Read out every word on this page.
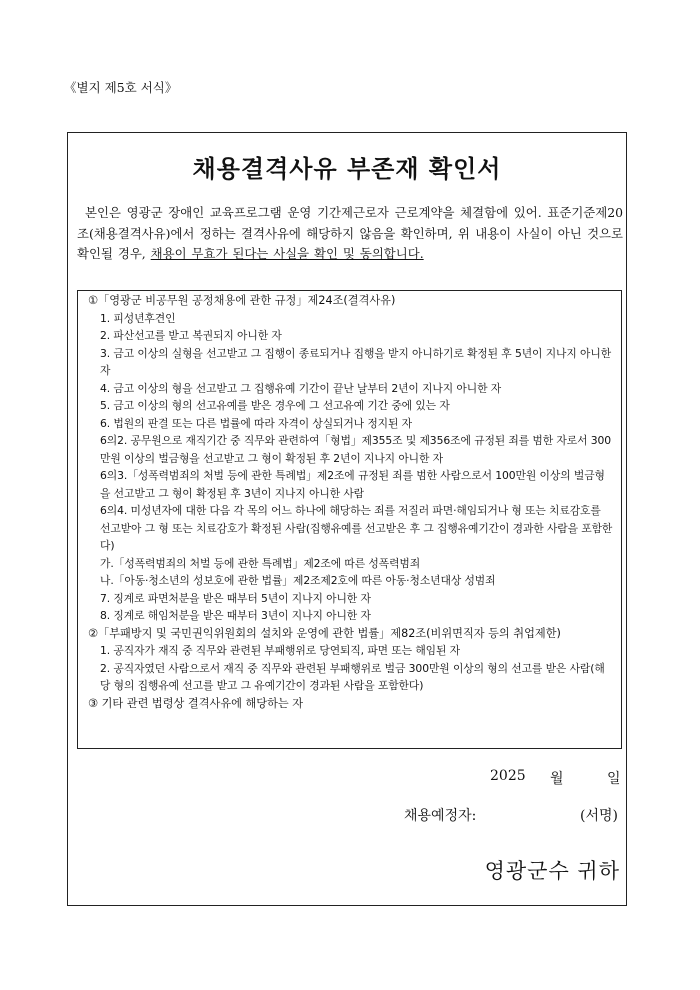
《별지 제5호 서식》
채용결격사유 부존재 확인서
본인은 영광군 장애인 교육프로그램 운영 기간제근로자 근로계약을 체결함에 있어. 표준기준제20조(채용결격사유)에서 정하는 결격사유에 해당하지 않음을 확인하며, 위 내용이 사실이 아닌 것으로 확인될 경우, 채용이 무효가 된다는 사실을 확인 및 동의합니다.
①「영광군 비공무원 공정채용에 관한 규정」제24조(결격사유)
1. 피성년후견인
2. 파산선고를 받고 복권되지 아니한 자
3. 금고 이상의 실형을 선고받고 그 집행이 종료되거나 집행을 받지 아니하기로 확정된 후 5년이 지나지 아니한 자
4. 금고 이상의 형을 선고받고 그 집행유예 기간이 끝난 날부터 2년이 지나지 아니한 자
5. 금고 이상의 형의 선고유예를 받은 경우에 그 선고유예 기간 중에 있는 자
6. 법원의 판결 또는 다른 법률에 따라 자격이 상실되거나 정지된 자
6의2. 공무원으로 재직기간 중 직무와 관련하여「형법」제355조 및 제356조에 규정된 죄를 범한 자로서 300만원 이상의 벌금형을 선고받고 그 형이 확정된 후 2년이 지나지 아니한 자
6의3.「성폭력범죄의 처벌 등에 관한 특례법」제2조에 규정된 죄를 범한 사람으로서 100만원 이상의 벌금형을 선고받고 그 형이 확정된 후 3년이 지나지 아니한 사람
6의4. 미성년자에 대한 다음 각 목의 어느 하나에 해당하는 죄를 저질러 파면·해임되거나 형 또는 치료감호를 선고받아 그 형 또는 치료감호가 확정된 사람(집행유예를 선고받은 후 그 집행유예기간이 경과한 사람을 포함한다)
가.「성폭력범죄의 처벌 등에 관한 특례법」제2조에 따른 성폭력범죄
나.「아동·청소년의 성보호에 관한 법률」제2조제2호에 따른 아동·청소년대상 성범죄
7. 징계로 파면처분을 받은 때부터 5년이 지나지 아니한 자
8. 징계로 해임처분을 받은 때부터 3년이 지나지 아니한 자
②「부패방지 및 국민권익위원회의 설치와 운영에 관한 법률」제82조(비위면직자 등의 취업제한)
1. 공직자가 재직 중 직무와 관련된 부패행위로 당연퇴직, 파면 또는 해임된 자
2. 공직자였던 사람으로서 재직 중 직무와 관련된 부패행위로 벌금 300만원 이상의 형의 선고를 받은 사람(해당 형의 집행유예 선고를 받고 그 유예기간이 경과된 사람을 포함한다)
③ 기타 관련 법령상 결격사유에 해당하는 자
2025 월	일
채용예정자:	(서명)
영광군수 귀하
